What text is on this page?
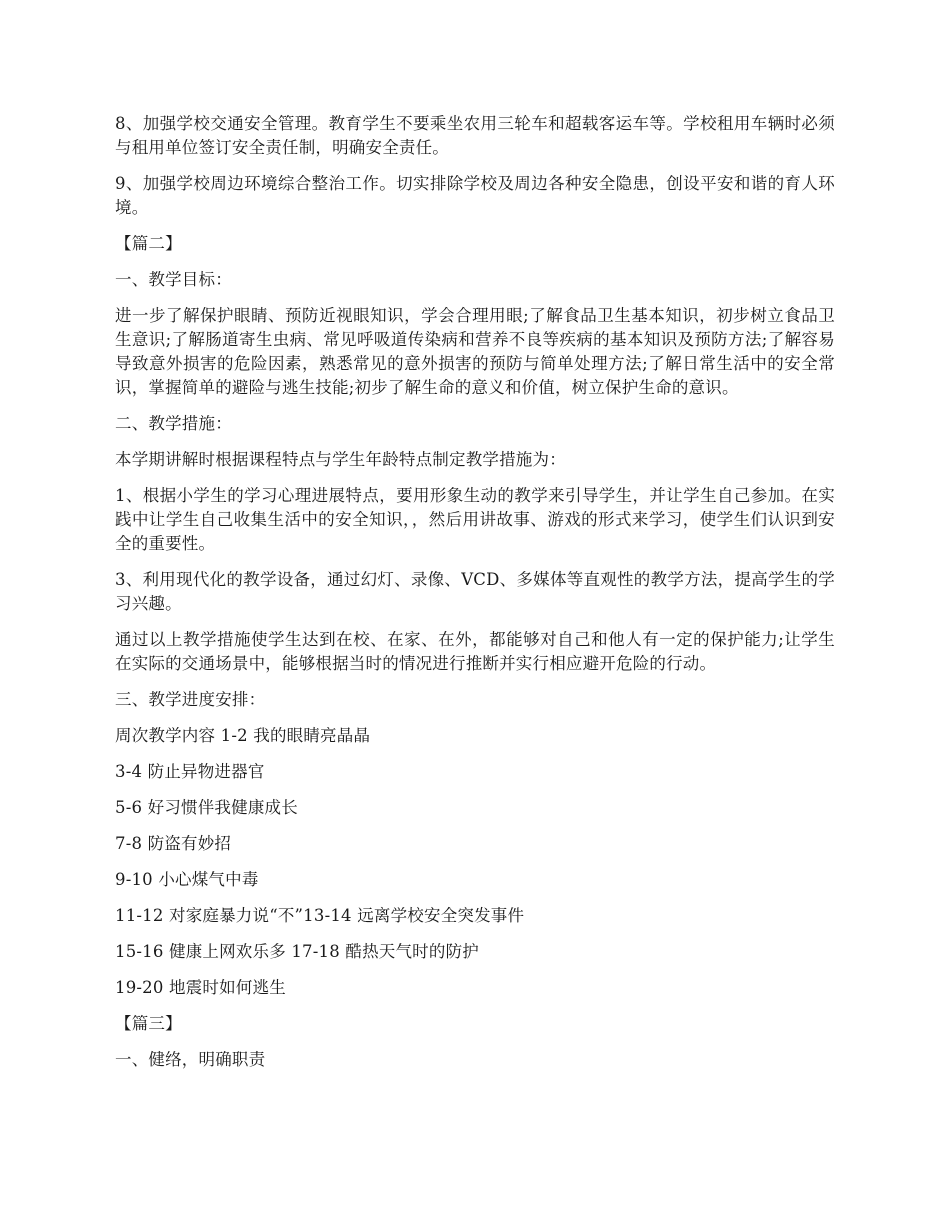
8、加强学校交通安全管理。教育学生不要乘坐农用三轮车和超载客运车等。学校租用车辆时必须与租用单位签订安全责任制，明确安全责任。

9、加强学校周边环境综合整治工作。切实排除学校及周边各种安全隐患，创设平安和谐的育人环境。

【篇二】

一、教学目标：

进一步了解保护眼睛、预防近视眼知识，学会合理用眼;了解食品卫生基本知识，初步树立食品卫生意识;了解肠道寄生虫病、常见呼吸道传染病和营养不良等疾病的基本知识及预防方法;了解容易导致意外损害的危险因素，熟悉常见的意外损害的预防与简单处理方法;了解日常生活中的安全常识，掌握简单的避险与逃生技能;初步了解生命的意义和价值，树立保护生命的意识。

二、教学措施：

本学期讲解时根据课程特点与学生年龄特点制定教学措施为：

1、根据小学生的学习心理进展特点，要用形象生动的教学来引导学生，并让学生自己参加。在实践中让学生自己收集生活中的安全知识，，然后用讲故事、游戏的形式来学习，使学生们认识到安全的重要性。

3、利用现代化的教学设备，通过幻灯、录像、VCD、多媒体等直观性的教学方法，提高学生的学习兴趣。

通过以上教学措施使学生达到在校、在家、在外，都能够对自己和他人有一定的保护能力;让学生在实际的交通场景中，能够根据当时的情况进行推断并实行相应避开危险的行动。

三、教学进度安排：

周次教学内容 1-2 我的眼睛亮晶晶

3-4 防止异物进器官

5-6 好习惯伴我健康成长

7-8 防盗有妙招

9-10 小心煤气中毒

11-12 对家庭暴力说“不”13-14 远离学校安全突发事件

15-16 健康上网欢乐多 17-18 酷热天气时的防护

19-20 地震时如何逃生

【篇三】

一、健络，明确职责
